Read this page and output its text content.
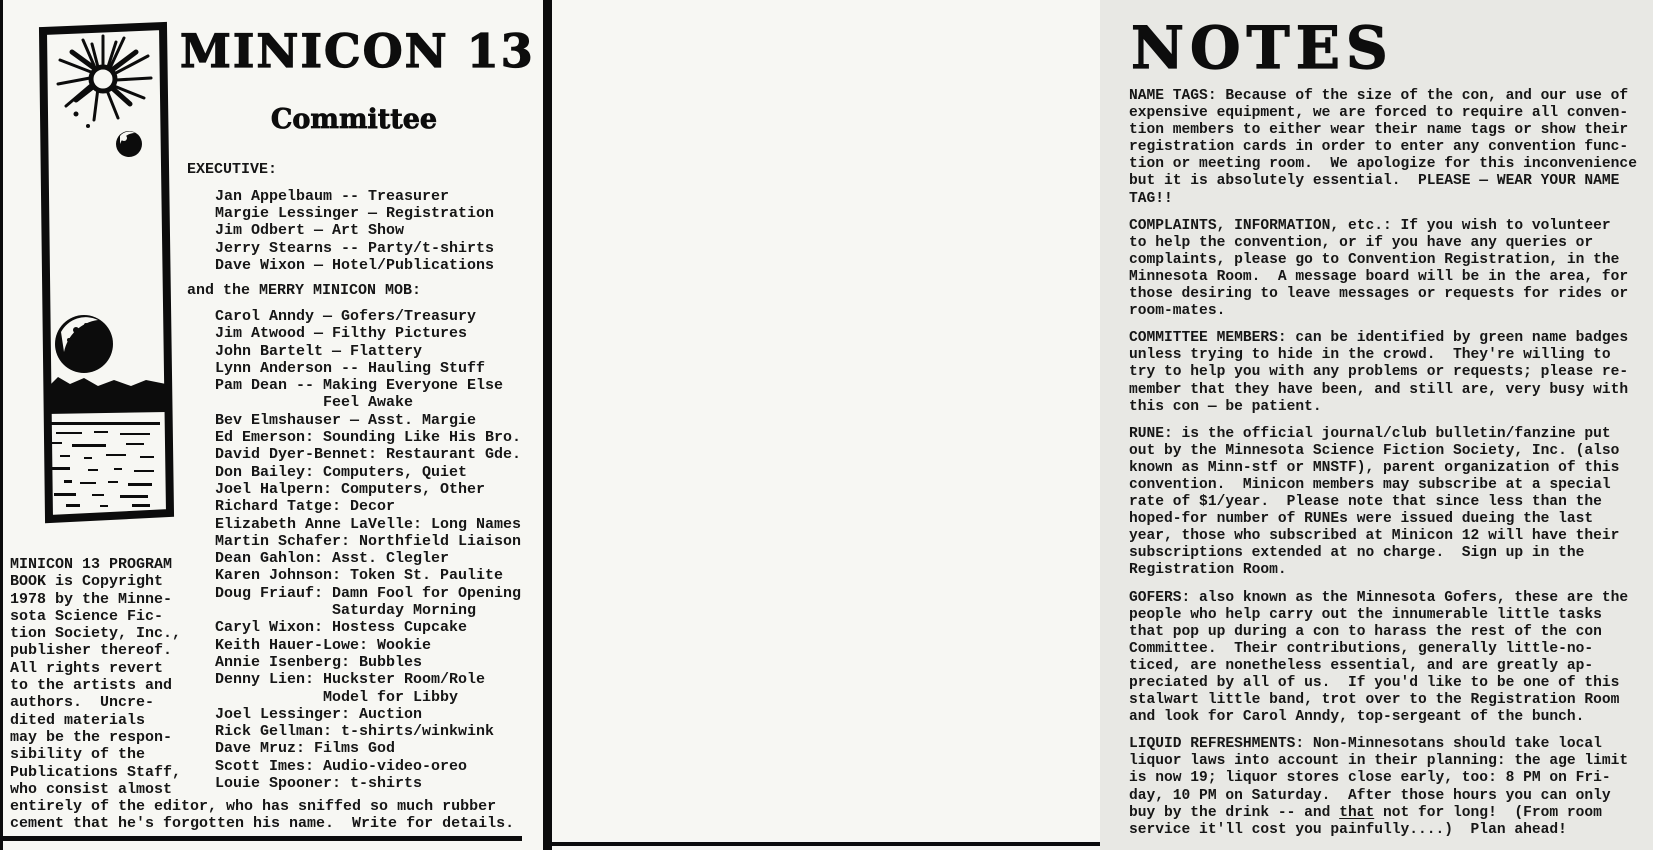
MINICON 13
Committee
EXECUTIVE:
Jan Appelbaum -- Treasurer
Margie Lessinger — Registration
Jim Odbert — Art Show
Jerry Stearns -- Party/t-shirts
Dave Wixon — Hotel/Publications
and the MERRY MINICON MOB:
Carol Anndy — Gofers/Treasury
Jim Atwood — Filthy Pictures
John Bartelt — Flattery
Lynn Anderson -- Hauling Stuff
Pam Dean -- Making Everyone Else
Feel Awake
Bev Elmshauser — Asst. Margie
Ed Emerson: Sounding Like His Bro.
David Dyer-Bennet: Restaurant Gde.
Don Bailey: Computers, Quiet
Joel Halpern: Computers, Other
Richard Tatge: Decor
Elizabeth Anne LaVelle: Long Names
Martin Schafer: Northfield Liaison
Dean Gahlon: Asst. Clegler
Karen Johnson: Token St. Paulite
Doug Friauf: Damn Fool for Opening
Saturday Morning
Caryl Wixon: Hostess Cupcake
Keith Hauer-Lowe: Wookie
Annie Isenberg: Bubbles
Denny Lien: Huckster Room/Role
Model for Libby
Joel Lessinger: Auction
Rick Gellman: t-shirts/winkwink
Dave Mruz: Films God
Scott Imes: Audio-video-oreo
Louie Spooner: t-shirts
MINICON 13 PROGRAM
BOOK is Copyright
1978 by the Minne-
sota Science Fic-
tion Society, Inc.,
publisher thereof.
All rights revert
to the artists and
authors.  Uncre-
dited materials
may be the respon-
sibility of the
Publications Staff,
who consist almost
entirely of the editor, who has sniffed so much rubber
cement that he's forgotten his name.  Write for details.
NOTES
NAME TAGS: Because of the size of the con, and our use of
expensive equipment, we are forced to require all conven-
tion members to either wear their name tags or show their
registration cards in order to enter any convention func-
tion or meeting room.  We apologize for this inconvenience
but it is absolutely essential.  PLEASE — WEAR YOUR NAME
TAG!!
COMPLAINTS, INFORMATION, etc.: If you wish to volunteer
to help the convention, or if you have any queries or
complaints, please go to Convention Registration, in the
Minnesota Room.  A message board will be in the area, for
those desiring to leave messages or requests for rides or
room-mates.
COMMITTEE MEMBERS: can be identified by green name badges
unless trying to hide in the crowd.  They're willing to
try to help you with any problems or requests; please re-
member that they have been, and still are, very busy with
this con — be patient.
RUNE: is the official journal/club bulletin/fanzine put
out by the Minnesota Science Fiction Society, Inc. (also
known as Minn-stf or MNSTF), parent organization of this
convention.  Minicon members may subscribe at a special
rate of $1/year.  Please note that since less than the
hoped-for number of RUNEs were issued dueing the last
year, those who subscribed at Minicon 12 will have their
subscriptions extended at no charge.  Sign up in the
Registration Room.
GOFERS: also known as the Minnesota Gofers, these are the
people who help carry out the innumerable little tasks
that pop up during a con to harass the rest of the con
Committee.  Their contributions, generally little-no-
ticed, are nonetheless essential, and are greatly ap-
preciated by all of us.  If you'd like to be one of this
stalwart little band, trot over to the Registration Room
and look for Carol Anndy, top-sergeant of the bunch.
LIQUID REFRESHMENTS: Non-Minnesotans should take local
liquor laws into account in their planning: the age limit
is now 19; liquor stores close early, too: 8 PM on Fri-
day, 10 PM on Saturday.  After those hours you can only
buy by the drink -- and that not for long!  (From room
service it'll cost you painfully....)  Plan ahead!
